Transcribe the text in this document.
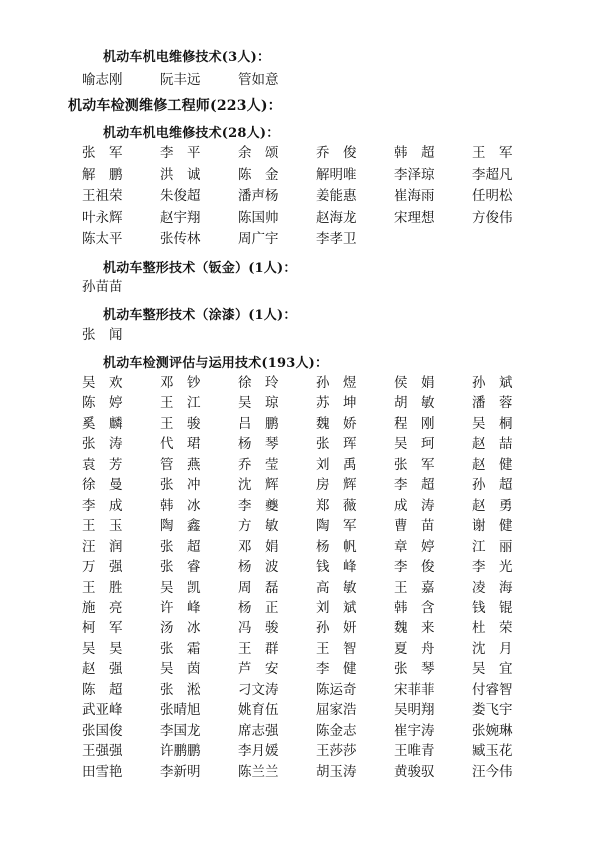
机动车机电维修技术(3人)：
喻志刚	阮丰远	管如意
机动车检测维修工程师(223人)：
机动车机电维修技术(28人)：
张　军	李　平	余　颂	乔　俊	韩　超	王　军
解　鹏	洪　诚	陈　金	解明唯	李泽琼	李超凡
王祖荣	朱俊超	潘声杨	姜能惠	崔海雨	任明松
叶永辉	赵宇翔	陈国帅	赵海龙	宋理想	方俊伟
陈太平	张传林	周广宇	李孝卫
机动车整形技术（钣金）(1人)：
孙苗苗
机动车整形技术（涂漆）(1人)：
张　闻
机动车检测评估与运用技术(193人)：
吴　欢	邓　钞	徐　玲	孙　煜	侯　娟	孙　斌
陈　婷	王　江	吴　琼	苏　坤	胡　敏	潘　蓉
奚　麟	王　骏	吕　鹏	魏　娇	程　刚	吴　桐
张　涛	代　珺	杨　琴	张　珲	吴　珂	赵　喆
袁　芳	管　燕	乔　莹	刘　禹	张　军	赵　健
徐　曼	张　冲	沈　辉	房　辉	李　超	孙　超
李　成	韩　冰	李　夔	郑　薇	成　涛	赵　勇
王　玉	陶　鑫	方　敏	陶　军	曹　苗	谢　健
汪　润	张　超	邓　娟	杨　帆	章　婷	江　丽
万　强	张　睿	杨　波	钱　峰	李　俊	李　光
王　胜	吴　凯	周　磊	高　敏	王　嘉	凌　海
施　亮	许　峰	杨　正	刘　斌	韩　含	钱　锟
柯　军	汤　冰	冯　骏	孙　妍	魏　来	杜　荣
吴　昊	张　霜	王　群	王　智	夏　舟	沈　月
赵　强	吴　茵	芦　安	李　健	张　琴	吴　宜
陈　超	张　淞	刁文涛	陈运奇	宋菲菲	付睿智
武亚峰	张晴旭	姚育伍	屈家浩	吴明翔	娄飞宇
张国俊	李国龙	席志强	陈金志	崔宇涛	张婉琳
王强强	许鹏鹏	李月媛	王莎莎	王唯青	臧玉花
田雪艳	李新明	陈兰兰	胡玉涛	黄骏驭	汪今伟
